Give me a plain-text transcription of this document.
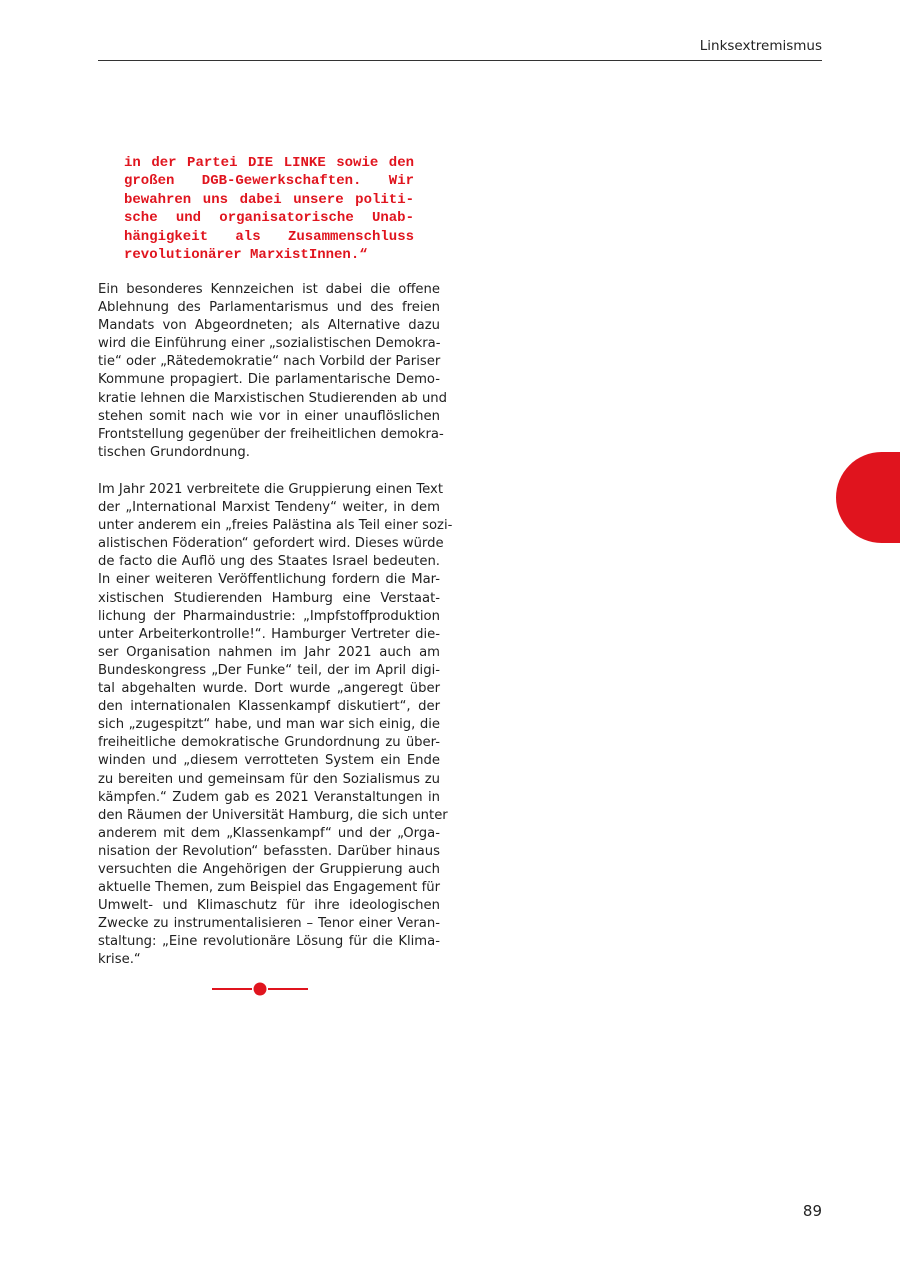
Linksextremismus
in der Partei DIE LINKE sowie den
großen DGB-Gewerkschaften. Wir
bewahren uns dabei unsere politi-
sche und organisatorische Unab-
hängigkeit als Zusammenschluss
revolutionärer MarxistInnen.“
Ein besonderes Kennzeichen ist dabei die offene
Ablehnung des Parlamentarismus und des freien
Mandats von Abgeordneten; als Alternative dazu
wird die Einführung einer „sozialistischen Demokra-
tie“ oder „Rätedemokratie“ nach Vorbild der Pariser
Kommune propagiert. Die parlamentarische Demo-
kratie lehnen die Marxistischen Studierenden ab und
stehen somit nach wie vor in einer unauflöslichen
Frontstellung gegenüber der freiheitlichen demokra-
tischen Grundordnung.
Im Jahr 2021 verbreitete die Gruppierung einen Text
der „International Marxist Tendeny“ weiter, in dem
unter anderem ein „freies Palästina als Teil einer sozi-
alistischen Föderation“ gefordert wird. Dieses würde
de facto die Auflö ung des Staates Israel bedeuten.
In einer weiteren Veröffentlichung fordern die Mar-
xistischen Studierenden Hamburg eine Verstaat-
lichung der Pharmaindustrie: „Impfstoffproduktion
unter Arbeiterkontrolle!“. Hamburger Vertreter die-
ser Organisation nahmen im Jahr 2021 auch am
Bundeskongress „Der Funke“ teil, der im April digi-
tal abgehalten wurde. Dort wurde „angeregt über
den internationalen Klassenkampf diskutiert“, der
sich „zugespitzt“ habe, und man war sich einig, die
freiheitliche demokratische Grundordnung zu über-
winden und „diesem verrotteten System ein Ende
zu bereiten und gemeinsam für den Sozialismus zu
kämpfen.“ Zudem gab es 2021 Veranstaltungen in
den Räumen der Universität Hamburg, die sich unter
anderem mit dem „Klassenkampf“ und der „Orga-
nisation der Revolution“ befassten. Darüber hinaus
versuchten die Angehörigen der Gruppierung auch
aktuelle Themen, zum Beispiel das Engagement für
Umwelt- und Klimaschutz für ihre ideologischen
Zwecke zu instrumentalisieren – Tenor einer Veran-
staltung: „Eine revolutionäre Lösung für die Klima-
krise.“
89
